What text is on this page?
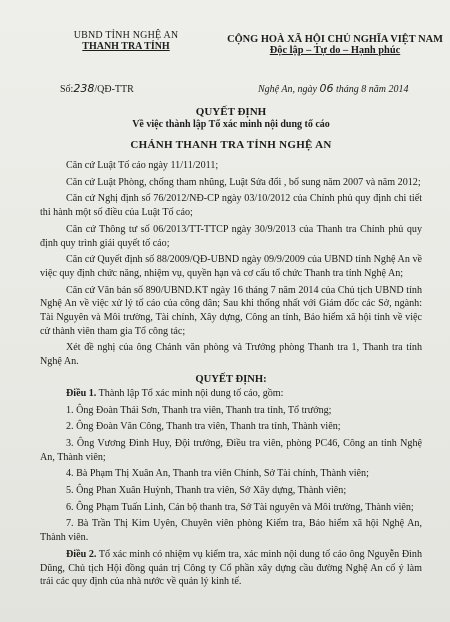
UBND TỈNH NGHỆ AN
THANH TRA TỈNH
CỘNG HOÀ XÃ HỘI CHỦ NGHĨA VIỆT NAM
Độc lập – Tự do – Hạnh phúc
Số:238/QĐ-TTR	Nghệ An, ngày 06 tháng 8 năm 2014
QUYẾT ĐỊNH
Về việc thành lập Tổ xác minh nội dung tố cáo
CHÁNH THANH TRA TỈNH NGHỆ AN

Căn cứ Luật Tố cáo ngày 11/11/2011;

Căn cứ Luật Phòng, chống tham nhũng, Luật Sửa đổi , bổ sung năm 2007 và năm 2012;

Căn cứ Nghị định số 76/2012/NĐ-CP ngày 03/10/2012 của Chính phủ quy định chi tiết thi hành một số điều của Luật Tố cáo;

Căn cứ Thông tư số 06/2013/TT-TTCP ngày 30/9/2013 của Thanh tra Chính phủ quy định quy trình giải quyết tố cáo;

Căn cứ Quyết định số 88/2009/QĐ-UBND ngày 09/9/2009 của UBND tỉnh Nghệ An về việc quy định chức năng, nhiệm vụ, quyền hạn và cơ cấu tổ chức Thanh tra tỉnh Nghệ An;

Căn cứ Văn bản số 890/UBND.KT ngày 16 tháng 7 năm 2014 của Chủ tịch UBND tỉnh Nghệ An về việc xử lý tố cáo của công dân; Sau khi thống nhất với Giám đốc các Sở, ngành: Tài Nguyên và Môi trường, Tài chính, Xây dựng, Công an tỉnh, Bảo hiểm xã hội tỉnh về việc cử thành viên tham gia Tổ công tác;

Xét đề nghị của ông Chánh văn phòng và Trưởng phòng Thanh tra 1, Thanh tra tỉnh Nghệ An.

QUYẾT ĐỊNH:

Điều 1. Thành lập Tổ xác minh nội dung tố cáo, gồm:

1. Ông Đoàn Thái Sơn, Thanh tra viên, Thanh tra tỉnh, Tổ trưởng;

2. Ông Đoàn Văn Công, Thanh tra viên, Thanh tra tỉnh, Thành viên;

3. Ông Vương Đình Huy, Đội trưởng, Điều tra viên, phòng PC46, Công an tỉnh Nghệ An, Thành viên;

4. Bà Phạm Thị Xuân An, Thanh tra viên Chính, Sở Tài chính, Thành viên;

5. Ông Phan Xuân Huỳnh, Thanh tra viên, Sở Xây dựng, Thành viên;

6. Ông Phạm Tuấn Linh, Cán bộ thanh tra, Sở Tài nguyên và Môi trường, Thành viên;

7. Bà Trần Thị Kim Uyên, Chuyên viên phòng Kiểm tra, Bảo hiểm xã hội Nghệ An, Thành viên.

Điều 2. Tổ xác minh có nhiệm vụ kiểm tra, xác minh nội dung tố cáo ông Nguyễn Đình Dũng, Chủ tịch Hội đồng quản trị Công ty Cổ phần xây dựng cầu đường Nghệ An cố ý làm trái các quy định của nhà nước về quản lý kinh tế.
